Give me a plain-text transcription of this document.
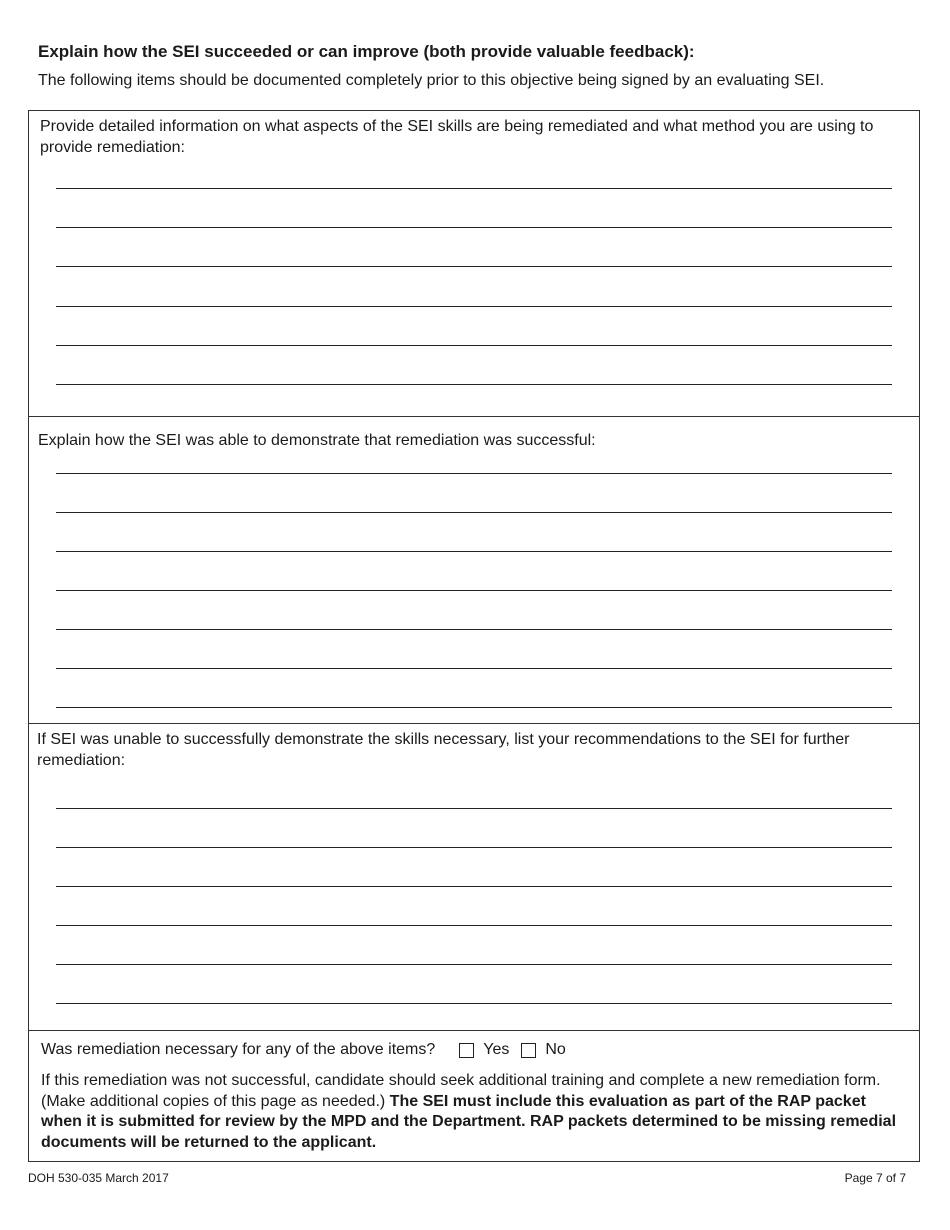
Explain how the SEI succeeded or can improve (both provide valuable feedback):

The following items should be documented completely prior to this objective being signed by an evaluating SEI.

Provide detailed information on what aspects of the SEI skills are being remediated and what method you are using to provide remediation:

Explain how the SEI was able to demonstrate that remediation was successful:

If SEI was unable to successfully demonstrate the skills necessary, list your recommendations to the SEI for further remediation:

Was remediation necessary for any of the above items?	Yes No

If this remediation was not successful, candidate should seek additional training and complete a new remediation form. (Make additional copies of this page as needed.) The SEI must include this evaluation as part of the RAP packet when it is submitted for review by the MPD and the Department. RAP packets determined to be missing remedial documents will be returned to the applicant.

DOH 530-035 March 2017	Page 7 of 7
